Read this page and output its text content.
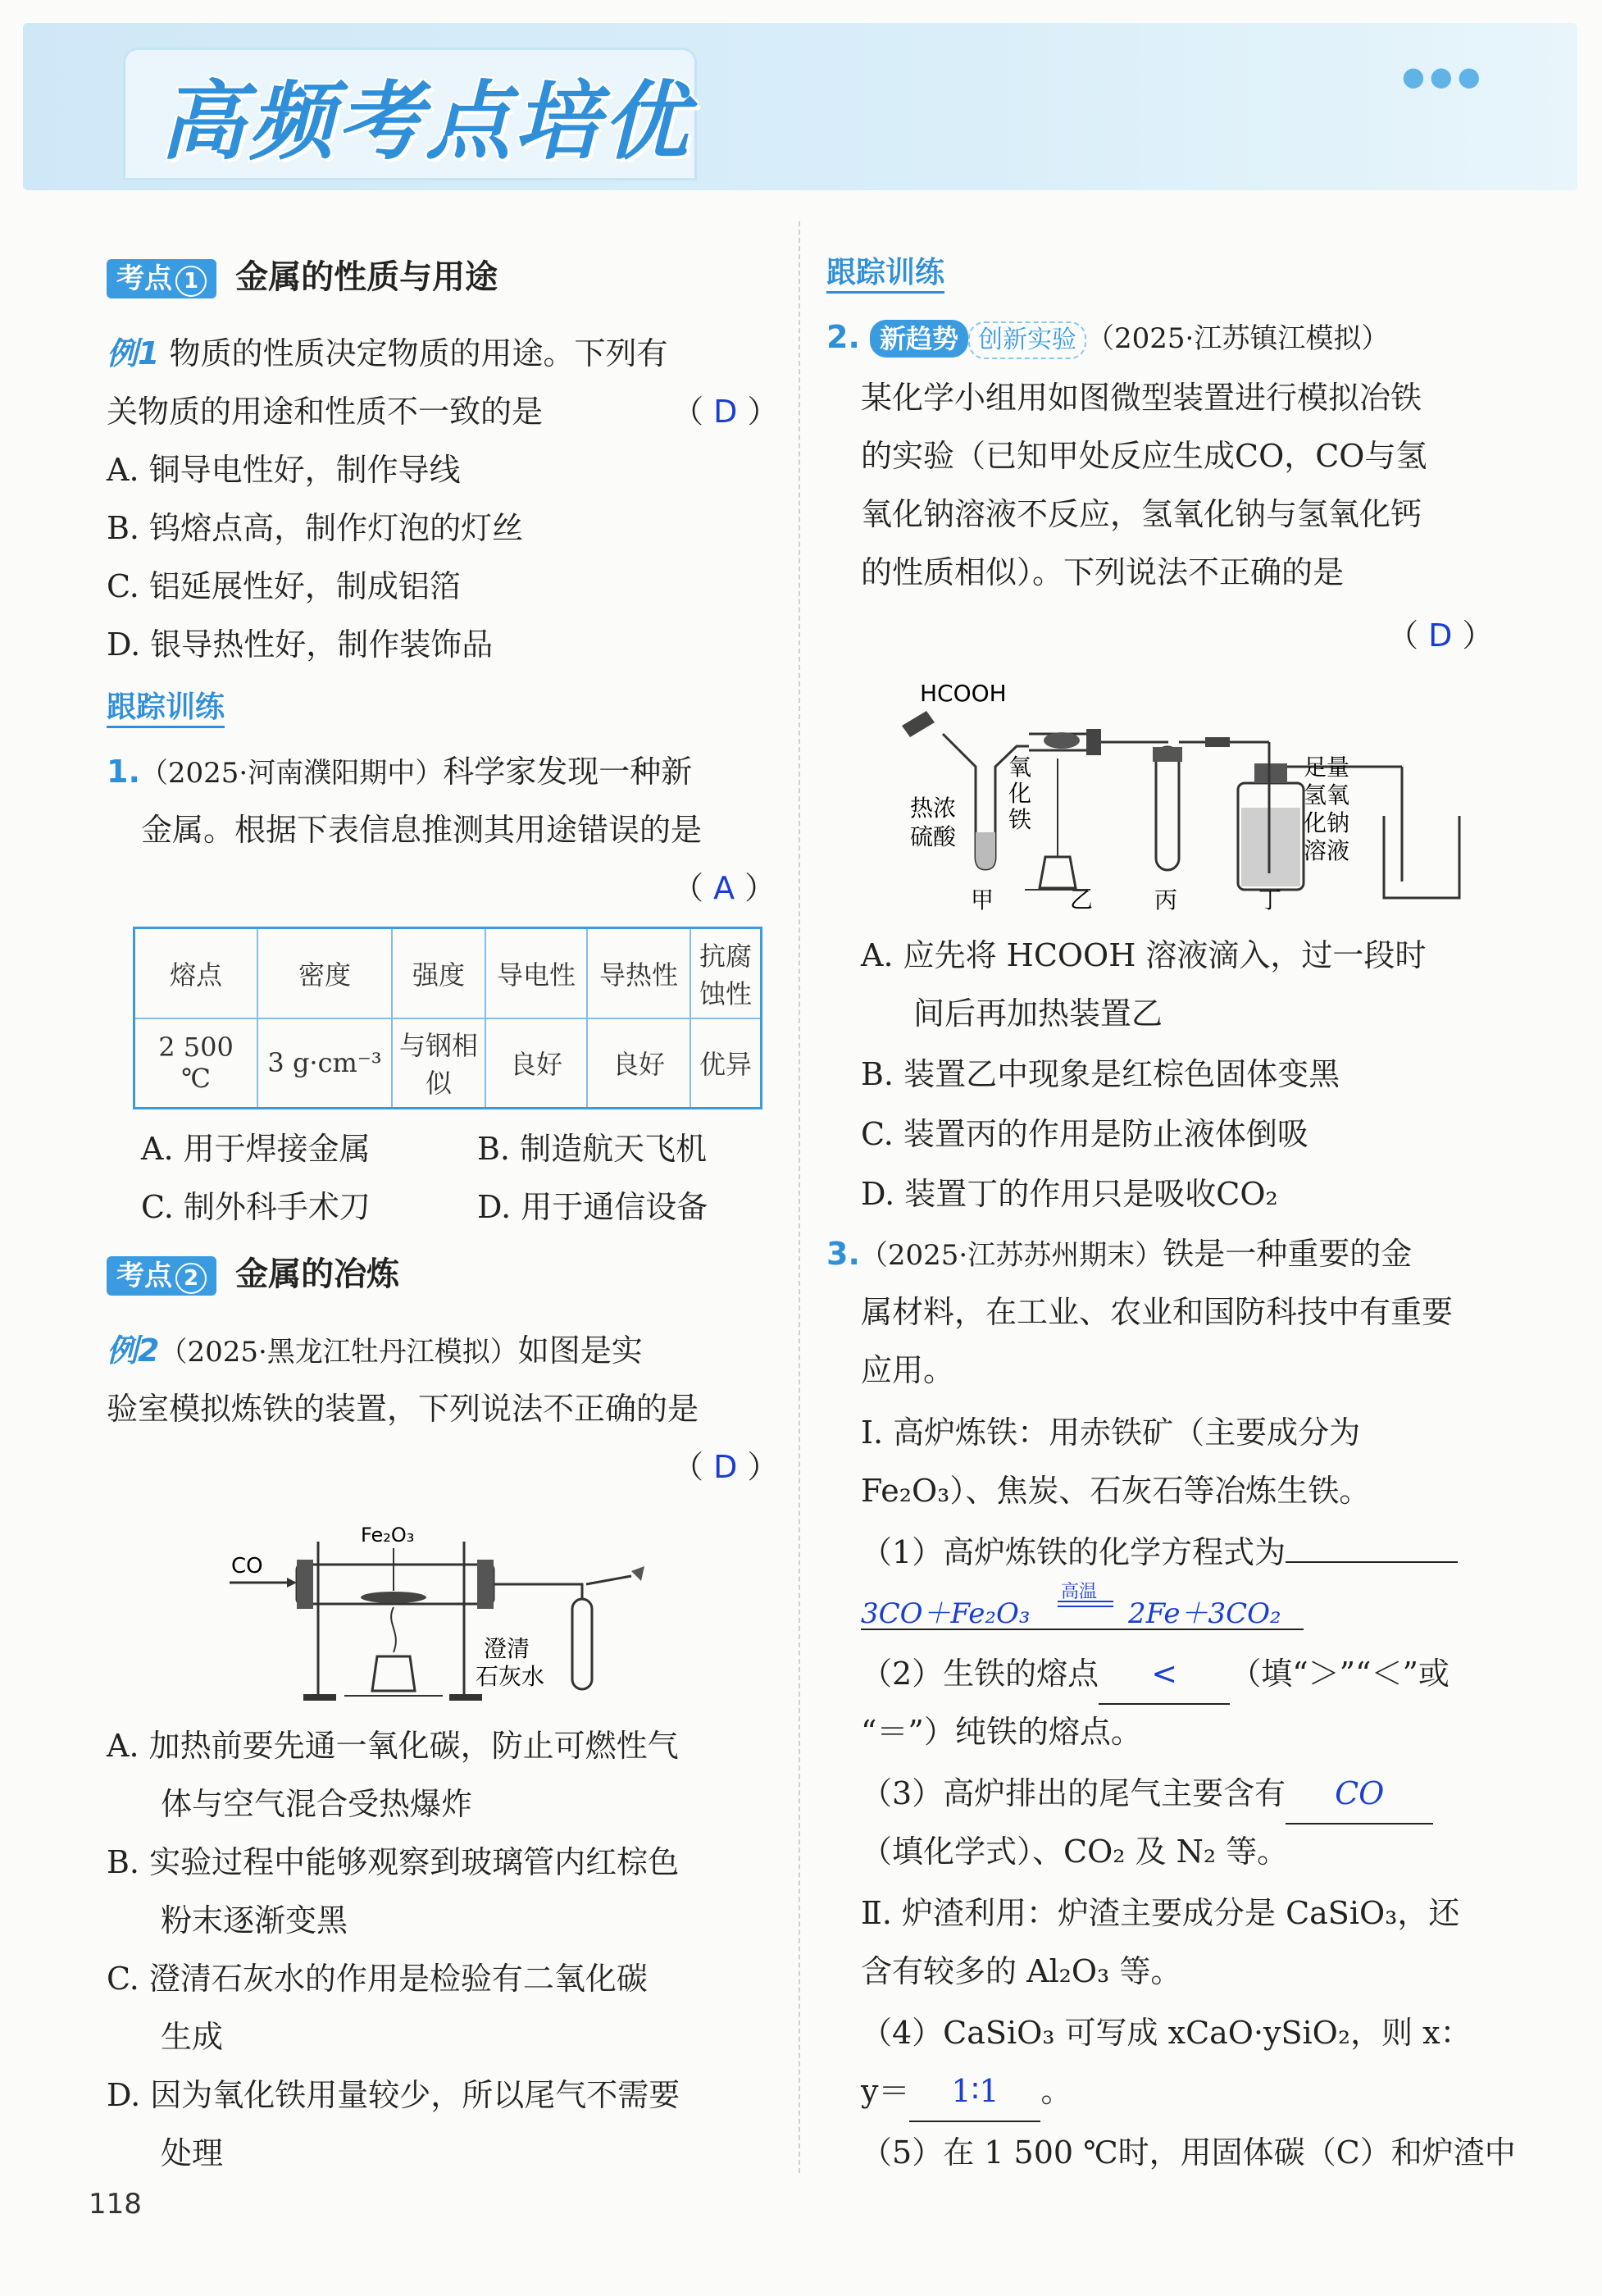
高频考点培优	●●●
考点 1 金属的性质与用途
例1 物质的性质决定物质的用途。下列有
关物质的用途和性质不一致的是	（ D ）
A. 铜导电性好，制作导线
B. 钨熔点高，制作灯泡的灯丝
C. 铝延展性好，制成铝箔
D. 银导热性好，制作装饰品
跟踪训练
1.（2025·河南濮阳期中）科学家发现一种新
金属。根据下表信息推测其用途错误的是
（ A ）
熔点	密度	强度	导电性	导热性	抗腐蚀性
2 500 ℃	3 g·cm⁻³	与钢相似	良好	良好	优异
A. 用于焊接金属	B. 制造航天飞机
C. 制外科手术刀	D. 用于通信设备
考点 2 金属的冶炼
例2（2025·黑龙江牡丹江模拟）如图是实
验室模拟炼铁的装置，下列说法不正确的是
（ D ）
CO
Fe₂O₃
澄清
石灰水
A. 加热前要先通一氧化碳，防止可燃性气
体与空气混合受热爆炸
B. 实验过程中能够观察到玻璃管内红棕色
粉末逐渐变黑
C. 澄清石灰水的作用是检验有二氧化碳
生成
D. 因为氧化铁用量较少，所以尾气不需要
处理
118
跟踪训练
2. 新趋势 创新实验 （2025·江苏镇江模拟）
某化学小组用如图微型装置进行模拟冶铁
的实验（已知甲处反应生成CO，CO与氢
氧化钠溶液不反应，氢氧化钠与氢氧化钙
的性质相似）。下列说法不正确的是
（ D ）
HCOOH
热浓
硫酸
氧
化
铁
足量
氢氧
化钠
溶液
甲	乙	丙	丁
A. 应先将 HCOOH 溶液滴入，过一段时
间后再加热装置乙
B. 装置乙中现象是红棕色固体变黑
C. 装置丙的作用是防止液体倒吸
D. 装置丁的作用只是吸收CO₂
3.（2025·江苏苏州期末）铁是一种重要的金
属材料，在工业、农业和国防科技中有重要
应用。
Ⅰ. 高炉炼铁：用赤铁矿（主要成分为
Fe₂O₃）、焦炭、石灰石等冶炼生铁。
（1）高炉炼铁的化学方程式为
3CO＋Fe₂O₃
高温
2Fe＋3CO₂
（2）生铁的熔点 < （填“＞”“＜”或
“＝”）纯铁的熔点。
（3）高炉排出的尾气主要含有 CO
（填化学式）、CO₂ 及 N₂ 等。
Ⅱ. 炉渣利用：炉渣主要成分是 CaSiO₃，还
含有较多的 Al₂O₃ 等。
（4）CaSiO₃ 可写成 xCaO·ySiO₂，则 x：
y＝ 1∶1 。
（5）在 1 500 ℃时，用固体碳（C）和炉渣中
